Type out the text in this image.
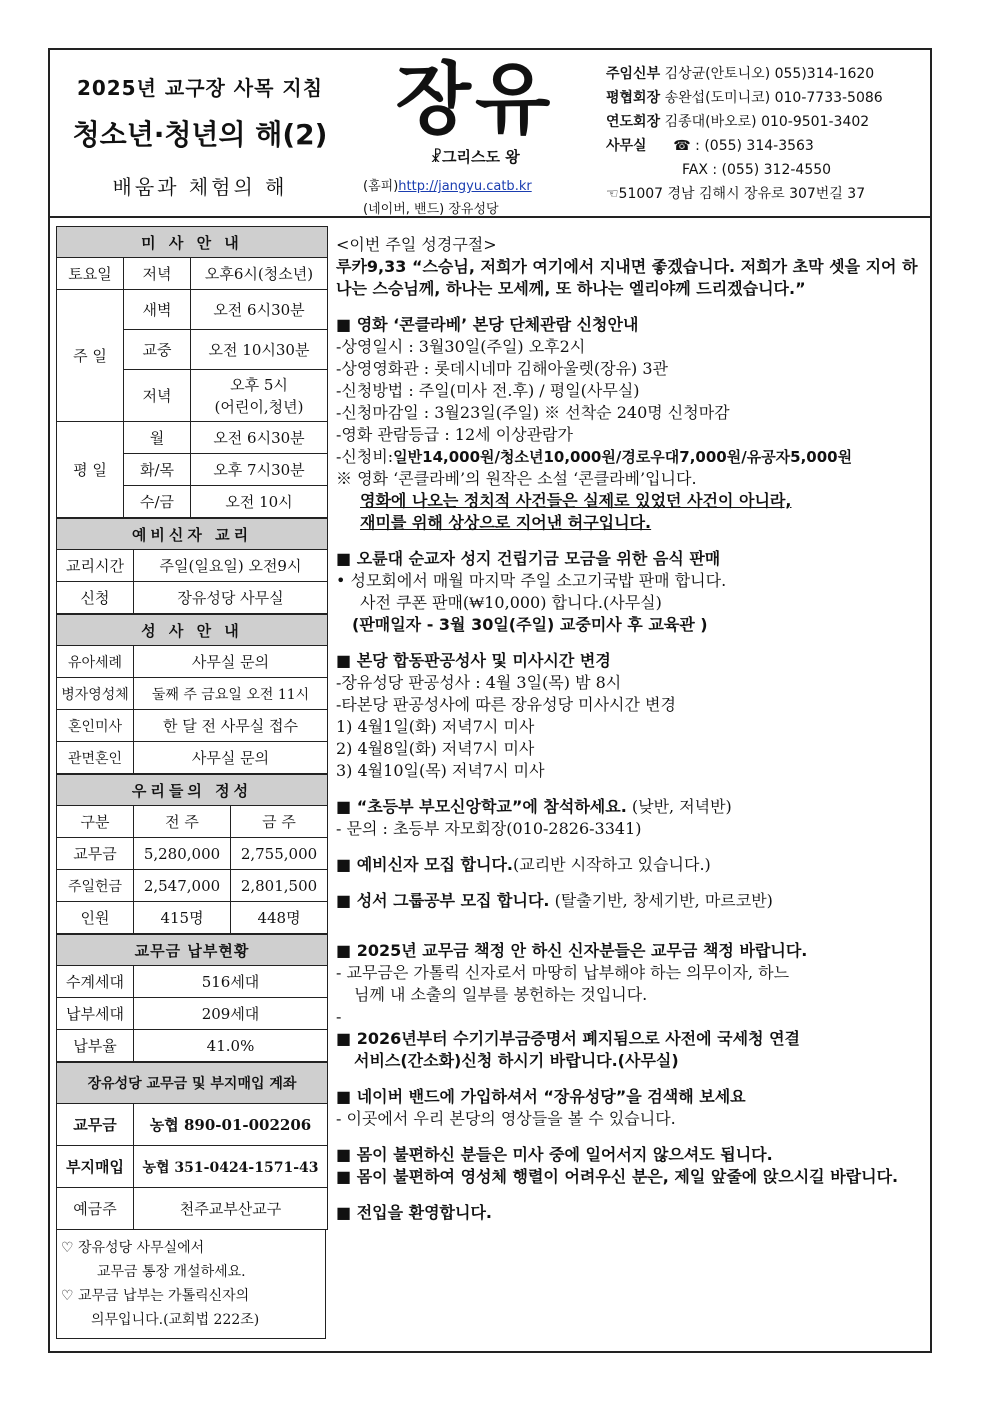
2025년 교구장 사목 지침
청소년·청년의 해(2)
배움과 체험의 해
장유
☧그리스도 왕
(홈피)http://jangyu.catb.kr
(네이버, 밴드) 장유성당
주임신부 김상균(안토니오) 055)314-1620
평협회장 송완섭(도미니코) 010-7733-5086
연도회장 김종대(바오로) 010-9501-3402
사무실 ☎ : (055) 314-3563
FAX : (055) 312-4550
☜51007 경남 김해시 장유로 307번길 37
미 사 안 내		
토요일	저녁	오후6시(청소년)
주 일	새벽	오전 6시30분
	교중	오전 10시30분
	저녁	오후 5시
(어린이,청년)
평 일	월	오전 6시30분
	화/목	오후 7시30분
	수/금	오전 10시
예비신자 교리	
교리시간	주일(일요일) 오전9시
신청	장유성당 사무실
성 사 안 내	
유아세례	사무실 문의
병자영성체	둘째 주 금요일 오전 11시
혼인미사	한 달 전 사무실 접수
관면혼인	사무실 문의
우리들의 정성		
구분	전 주	금 주
교무금	5,280,000	2,755,000
주일헌금	2,547,000	2,801,500
인원	415명	448명
교무금 납부현황	
수계세대	516세대
납부세대	209세대
납부율	41.0%
장유성당 교무금 및 부지매입 계좌	
교무금	농협 890-01-002206
부지매입	농협 351-0424-1571-43
예금주	천주교부산교구
♡ 장유성당 사무실에서
교무금 통장 개설하세요.
♡ 교무금 납부는 가톨릭신자의
의무입니다.(교회법 222조)

<이번 주일 성경구절>

루카9,33 “스승님, 저희가 여기에서 지내면 좋겠습니다. 저희가 초막 셋을 지어 하나는 스승님께, 하나는 모세께, 또 하나는 엘리야께 드리겠습니다.”

■ 영화 ‘콘클라베’ 본당 단체관람 신청안내

-상영일시 : 3월30일(주일) 오후2시

-상영영화관 : 롯데시네마 김해아울렛(장유) 3관

-신청방법 : 주일(미사 전.후) / 평일(사무실)

-신청마감일 : 3월23일(주일) ※ 선착순 240명 신청마감

-영화 관람등급 : 12세 이상관람가

-신청비:일반14,000원/청소년10,000원/경로우대7,000원/유공자5,000원

※ 영화 ‘콘클라베’의 원작은 소설 ‘콘클라베’입니다.

영화에 나오는 정치적 사건들은 실제로 있었던 사건이 아니라,

재미를 위해 상상으로 지어낸 허구입니다.

■ 오륜대 순교자 성지 건립기금 모금을 위한 음식 판매

• 성모회에서 매월 마지막 주일 소고기국밥 판매 합니다.

사전 쿠폰 판매(₩10,000) 합니다.(사무실)

(판매일자 - 3월 30일(주일) 교중미사 후 교육관 )

■ 본당 합동판공성사 및 미사시간 변경

-장유성당 판공성사 : 4월 3일(목) 밤 8시

-타본당 판공성사에 따른 장유성당 미사시간 변경

1) 4월1일(화) 저녁7시 미사

2) 4월8일(화) 저녁7시 미사

3) 4월10일(목) 저녁7시 미사

■ “초등부 부모신앙학교”에 참석하세요. (낮반, 저녁반)

- 문의 : 초등부 자모회장(010-2826-3341)

■ 예비신자 모집 합니다.(교리반 시작하고 있습니다.)

■ 성서 그룹공부 모집 합니다. (탈출기반, 창세기반, 마르코반)

■ 2025년 교무금 책정 안 하신 신자분들은 교무금 책정 바랍니다.

- 교무금은 가톨릭 신자로서 마땅히 납부해야 하는 의무이자, 하느

님께 내 소출의 일부를 봉헌하는 것입니다.

-

■ 2026년부터 수기기부금증명서 폐지됨으로 사전에 국세청 연결

서비스(간소화)신청 하시기 바랍니다.(사무실)

■ 네이버 밴드에 가입하셔서 “장유성당”을 검색해 보세요

- 이곳에서 우리 본당의 영상들을 볼 수 있습니다.

■ 몸이 불편하신 분들은 미사 중에 일어서지 않으셔도 됩니다.

■ 몸이 불편하여 영성체 행렬이 어려우신 분은, 제일 앞줄에 앉으시길 바랍니다.

■ 전입을 환영합니다.
